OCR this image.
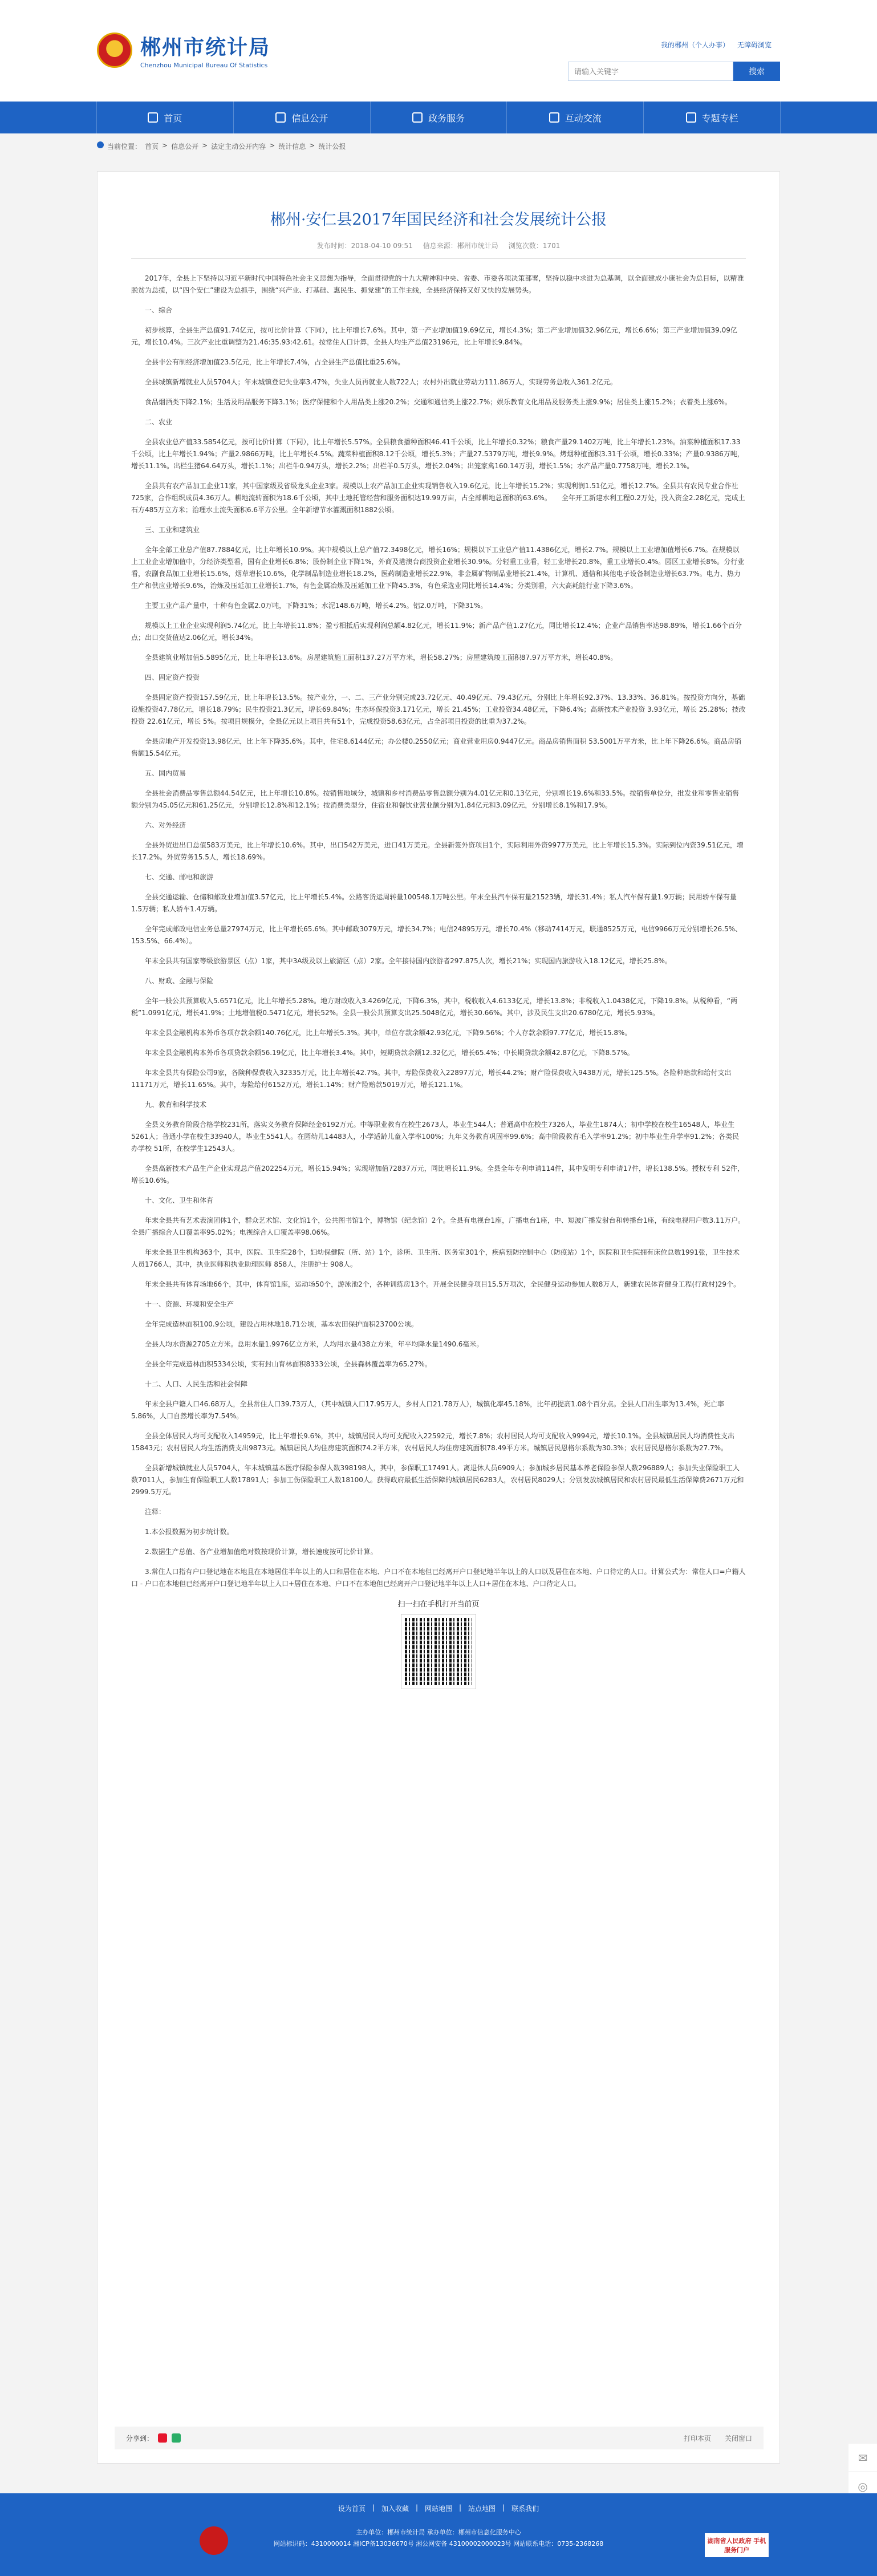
我的郴州（个人办事） 无障碍浏览
郴州市统计局
Chenzhou Municipal Bureau Of Statistics
请输入关键字
搜索
首页	信息公开	政务服务	互动交流	专题专栏
当前位置： 首页 > 信息公开 > 法定主动公开内容 > 统计信息 > 统计公报
郴州·安仁县2017年国民经济和社会发展统计公报
发布时间：2018-04-10 09:51 信息来源：郴州市统计局 浏览次数：1701

2017年，全县上下坚持以习近平新时代中国特色社会主义思想为指导，全面贯彻党的十九大精神和中央、省委、市委各项决策部署，坚持以稳中求进为总基调，以全面建成小康社会为总目标，以精准脱贫为总揽，以“四个安仁”建设为总抓手，围绕“兴产业、打基础、惠民生、抓党建”的工作主线，全县经济保持又好又快的发展势头。

一、综合

初步核算，全县生产总值91.74亿元，按可比价计算（下同），比上年增长7.6%。其中，第一产业增加值19.69亿元，增长4.3%；第二产业增加值32.96亿元，增长6.6%；第三产业增加值39.09亿元，增长10.4%。三次产业比重调整为21.46:35.93:42.61。按常住人口计算，全县人均生产总值23196元，比上年增长9.84%。

全县非公有制经济增加值23.5亿元，比上年增长7.4%，占全县生产总值比重25.6%。

全县城镇新增就业人员5704人；年末城镇登记失业率3.47%，失业人员再就业人数722人；农村外出就业劳动力111.86万人，实现劳务总收入361.2亿元。

食品烟酒类下降2.1%；生活及用品服务下降3.1%；医疗保健和个人用品类上涨20.2%；交通和通信类上涨22.7%；娱乐教育文化用品及服务类上涨9.9%；居住类上涨15.2%；衣着类上涨6%。

二、农业

全县农业总产值33.5854亿元，按可比价计算（下同），比上年增长5.57%。全县粮食播种面积46.41千公顷，比上年增长0.32%；粮食产量29.1402万吨，比上年增长1.23%。油菜种植面积17.33千公顷，比上年增长1.94%；产量2.9866万吨，比上年增长4.5%。蔬菜种植面积8.12千公顷，增长5.3%；产量27.5379万吨，增长9.9%。烤烟种植面积3.31千公顷，增长0.33%；产量0.9386万吨，增长11.1%。出栏生猪64.64万头，增长1.1%；出栏牛0.94万头，增长2.2%；出栏羊0.5万头，增长2.04%；出笼家禽160.14万羽，增长1.5%；水产品产量0.7758万吨，增长2.1%。

全县共有农产品加工企业11家，其中国家级及省级龙头企业3家。规模以上农产品加工企业实现销售收入19.6亿元，比上年增长15.2%；实现利润1.51亿元，增长12.7%。全县共有农民专业合作社725家，合作组织成员4.36万人。耕地流转面积为18.6千公顷，其中土地托管经营和服务面积达19.99万亩，占全部耕地总面积的63.6%。　　全年开工新建水利工程0.2万处，投入资金2.28亿元，完成土石方485万立方米；治理水土流失面积6.6平方公里。全年新增节水灌溉面积1882公顷。

三、工业和建筑业

全年全部工业总产值87.7884亿元，比上年增长10.9%。其中规模以上总产值72.3498亿元，增长16%；规模以下工业总产值11.4386亿元，增长2.7%。规模以上工业增加值增长6.7%。在规模以上工业企业增加值中，分经济类型看，国有企业增长6.8%；股份制企业下降1%，外商及港澳台商投资企业增长30.9%。分轻重工业看，轻工业增长20.8%，重工业增长0.4%。园区工业增长8%。分行业看，农副食品加工业增长15.6%，烟草增长10.6%，化学制品制造业增长18.2%，医药制造业增长22.9%，非金属矿物制品业增长21.4%，计算机、通信和其他电子设备制造业增长63.7%。电力、热力生产和供应业增长9.6%，治炼及压延加工业增长1.7%，有色金属冶炼及压延加工业下降45.3%，有色采选业同比增长14.4%；分类别看，六大高耗能行业下降3.6%。

主要工业产品产量中，十种有色金属2.0万吨，下降31%；水泥148.6万吨，增长4.2%。铝2.0万吨，下降31%。

规模以上工业企业实现利润5.74亿元，比上年增长11.8%；盈亏相抵后实现利润总额4.82亿元，增长11.9%；新产品产值1.27亿元，同比增长12.4%；企业产品销售率达98.89%，增长1.66个百分点；出口交货值达2.06亿元，增长34%。

全县建筑业增加值5.5895亿元，比上年增长13.6%。房屋建筑施工面积137.27万平方米，增长58.27%；房屋建筑竣工面积87.97万平方米，增长40.8%。

四、固定资产投资

全县固定资产投资157.59亿元，比上年增长13.5%。按产业分，一、二、三产业分别完成23.72亿元、40.49亿元、79.43亿元，分别比上年增长92.37%、13.33%、36.81%。按投资方向分，基础设施投资47.78亿元，增长18.79%；民生投资21.3亿元，增长69.84%；生态环保投资3.171亿元，增长 21.45%；工业投资34.48亿元，下降6.4%；高新技术产业投资 3.93亿元，增长 25.28%；技改投资 22.61亿元，增长 5%。按项目规模分，全县亿元以上项目共有51个，完成投资58.63亿元，占全部项目投资的比重为37.2%。

全县房地产开发投资13.98亿元，比上年下降35.6%。其中，住宅8.6144亿元；办公楼0.2550亿元；商业营业用房0.9447亿元。商品房销售面积 53.5001万平方米，比上年下降26.6%。商品房销售额15.54亿元。

五、国内贸易

全县社会消费品零售总额44.54亿元，比上年增长10.8%。按销售地域分，城镇和乡村消费品零售总额分别为4.01亿元和0.13亿元，分别增长19.6%和33.5%。按销售单位分，批发业和零售业销售额分别为45.05亿元和61.25亿元，分别增长12.8%和12.1%；按消费类型分，住宿业和餐饮业营业额分别为1.84亿元和3.09亿元，分别增长8.1%和17.9%。

六、对外经济

全县外贸进出口总值583万美元，比上年增长10.6%。其中，出口542万美元，进口41万美元。全县新签外资项目1个，实际利用外资9977万美元，比上年增长15.3%。实际到位内资39.51亿元，增长17.2%。外贸劳务15.5人，增长18.69%。

七、交通、邮电和旅游

全县交通运输、仓储和邮政业增加值3.57亿元，比上年增长5.4%。公路客货运周转量100548.1万吨公里。年末全县汽车保有量21523辆，增长31.4%；私人汽车保有量1.9万辆；民用轿车保有量1.5万辆；私人轿车1.4万辆。

全年完成邮政电信业务总量27974万元，比上年增长65.6%。其中邮政3079万元，增长34.7%；电信24895万元，增长70.4%（移动7414万元，联通8525万元，电信9966万元分别增长26.5%、153.5%、66.4%）。

年末全县共有国家等级旅游景区（点）1家，其中3A级及以上旅游区（点）2家。全年接待国内旅游者297.875人次，增长21%；实现国内旅游收入18.12亿元，增长25.8%。

八、财政、金融与保险

全年一般公共预算收入5.6571亿元，比上年增长5.28%。地方财政收入3.4269亿元，下降6.3%，其中，税收收入4.6133亿元，增长13.8%；非税收入1.0438亿元，下降19.8%。从税种看，“两税”1.0991亿元，增长41.9%；土地增值税0.5471亿元，增长52%。全县一般公共预算支出25.5048亿元，增长30.66%。其中，涉及民生支出20.6780亿元，增长5.93%。

年末全县金融机构本外币各项存款余额140.76亿元，比上年增长5.3%。其中，单位存款余额42.93亿元，下降9.56%；个人存款余额97.77亿元，增长15.8%。

年末全县金融机构本外币各项贷款余额56.19亿元，比上年增长3.4%。其中，短期贷款余额12.32亿元，增长65.4%；中长期贷款余额42.87亿元，下降8.57%。

年末全县共有保险公司9家，各険种保费收入32335万元，比上年增长42.7%。其中，寿险保费收入22897万元，增长44.2%；财产险保费收入9438万元，增长125.5%。各险种赔款和给付支出11171万元，增长11.65%。其中，寿险给付6152万元，增长1.14%；财产险赔款5019万元，增长121.1%。

九、教育和科学技术

全县义务教育阶段合格学校231所，落实义务教育保障经金6192万元。中等职业教育在校生2673人，毕业生544人；普通高中在校生7326人，毕业生1874人；初中学校在校生16548人，毕业生5261人；普通小学在校生33940人，毕业生5541人。在园幼儿14483人，小学适龄儿童入学率100%；九年义务教育巩固率99.6%；高中阶段教育毛入学率91.2%；初中毕业生升学率91.2%；各类民办学校 51所，在校学生12543人。

全县高新技术产品生产企业实现总产值202254万元，增长15.94%；实现增加值72837万元，同比增长11.9%。全县全年专利申请114件，其中发明专利申请17件，增长138.5%。授权专利 52件，增长10.6%。

十、文化、卫生和体育

年末全县共有艺术表演团体1个，群众艺术馆、文化馆1个，公共图书馆1个，博物馆（纪念馆）2个。全县有电视台1座，广播电台1座，中、短波广播发射台和转播台1座，有线电视用户数3.11万户。全县广播综合人口覆盖率95.02%；电视综合人口覆盖率98.06%。

年末全县卫生机构363个，其中，医院、卫生院28个，妇幼保健院（所、站）1个，诊所、卫生所、医务室301个，疾病预防控制中心（防疫站）1个，医院和卫生院拥有床位总数1991张，卫生技术人员1766人，其中，执业医师和执业助理医师 858人，注册护士 908人。

年末全县共有体育场地66个，其中，体育馆1座，运动场50个，游泳池2个，各种训练房13个。开展全民健身项目15.5万项次，全民健身运动参加人数8万人，新建农民体育健身工程(行政村)29个。

十一、资源、环境和安全生产

全年完成造林面积100.9公顷，建设占用林地18.71公顷，基本农田保护面积23700公顷。

全县人均水资源2705立方米。总用水量1.9976亿立方米，人均用水量438立方米，年平均降水量1490.6毫米。

全县全年完成造林面积5334公顷，实有封山育林面积8333公顷，全县森林覆盖率为65.27%。

十二、人口、人民生活和社会保障

年末全县户籍人口46.68万人，全县常住人口39.73万人，（其中城镇人口17.95万人，乡村人口21.78万人），城镇化率45.18%，比年初提高1.08个百分点。全县人口出生率为13.4%，死亡率5.86%，人口自然增长率为7.54%。

全县全体居民人均可支配收入14959元，比上年增长9.6%，其中，城镇居民人均可支配收入22592元，增长7.8%；农村居民人均可支配收入9994元，增长10.1%。全县城镇居民人均消费性支出15843元；农村居民人均生活消费支出9873元。城镇居民人均住房建筑面积74.2平方米，农村居民人均住房建筑面积78.49平方米。城镇居民恩格尔系数为30.3%；农村居民恩格尔系数为27.7%。

全县新增城镇就业人员5704人，年末城镇基本医疗保险参保人数398198人，其中，参保职工17491人。离退休人员6909人；参加城乡居民基本养老保险参保人数296889人；参加失业保险职工人数7011人，参加生育保险职工人数17891人；参加工伤保险职工人数18100人。获得政府最低生活保障的城镇居民6283人，农村居民8029人；分别发放城镇居民和农村居民最低生活保障费2671万元和2999.5万元。

注释：

1.本公报数据为初步统计数。

2.数据生产总值、各产业增加值绝对数按现价计算，增长速度按可比价计算。

3.常住人口指有户口登记地在本地且在本地居住半年以上的人口和居住在本地、户口不在本地但已经离开户口登记地半年以上的人口以及居住在本地、户口待定的人口。计算公式为：常住人口=户籍人口 - 户口在本地但已经离开户口登记地半年以上人口+居住在本地、户口不在本地但已经离开户口登记地半年以上人口+居住在本地、户口待定人口。

扫一扫在手机打开当前页
分享到：	打印本页 关闭窗口
✉
◎
设为首页 | 加入收藏 | 网站地图 | 站点地图 | 联系我们
主办单位：郴州市统计局 承办单位：郴州市信息化服务中心
网站标识码：4310000014 湘ICP备13036670号 湘公网安备 43100002000023号 网站联系电话：0735-2368268	湖南省人民政府 手机服务门户
